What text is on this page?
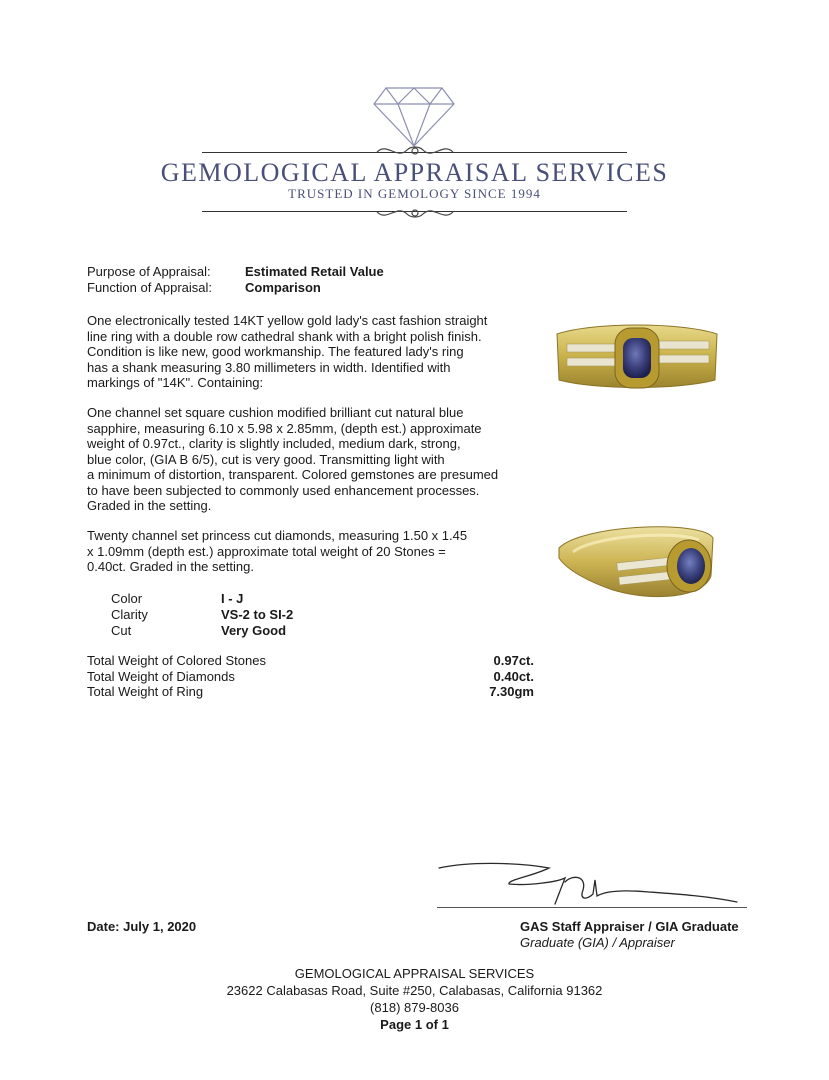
GEMOLOGICAL APPRAISAL SERVICES
TRUSTED IN GEMOLOGY SINCE 1994
Purpose of Appraisal:	Estimated Retail Value
Function of Appraisal:	Comparison
One electronically tested 14KT yellow gold lady's cast fashion straight
line ring with a double row cathedral shank with a bright polish finish.
Condition is like new, good workmanship. The featured lady's ring
has a shank measuring 3.80 millimeters in width. Identified with
markings of "14K". Containing:
One channel set square cushion modified brilliant cut natural blue
sapphire, measuring 6.10 x 5.98 x 2.85mm, (depth est.) approximate
weight of 0.97ct., clarity is slightly included, medium dark, strong,
blue color, (GIA B 6/5), cut is very good. Transmitting light with
a minimum of distortion, transparent. Colored gemstones are presumed
to have been subjected to commonly used enhancement processes.
Graded in the setting.
Twenty channel set princess cut diamonds, measuring 1.50 x 1.45
x 1.09mm (depth est.) approximate total weight of 20 Stones =
0.40ct. Graded in the setting.
Color	I - J
Clarity	VS-2 to SI-2
Cut	Very Good
Total Weight of Colored Stones	0.97ct.
Total Weight of Diamonds	0.40ct.
Total Weight of Ring	7.30gm
Date: July 1, 2020	GAS Staff Appraiser / GIA Graduate
Graduate (GIA) / Appraiser
GEMOLOGICAL APPRAISAL SERVICES
23622 Calabasas Road, Suite #250, Calabasas, California 91362
(818) 879-8036
Page 1 of 1
